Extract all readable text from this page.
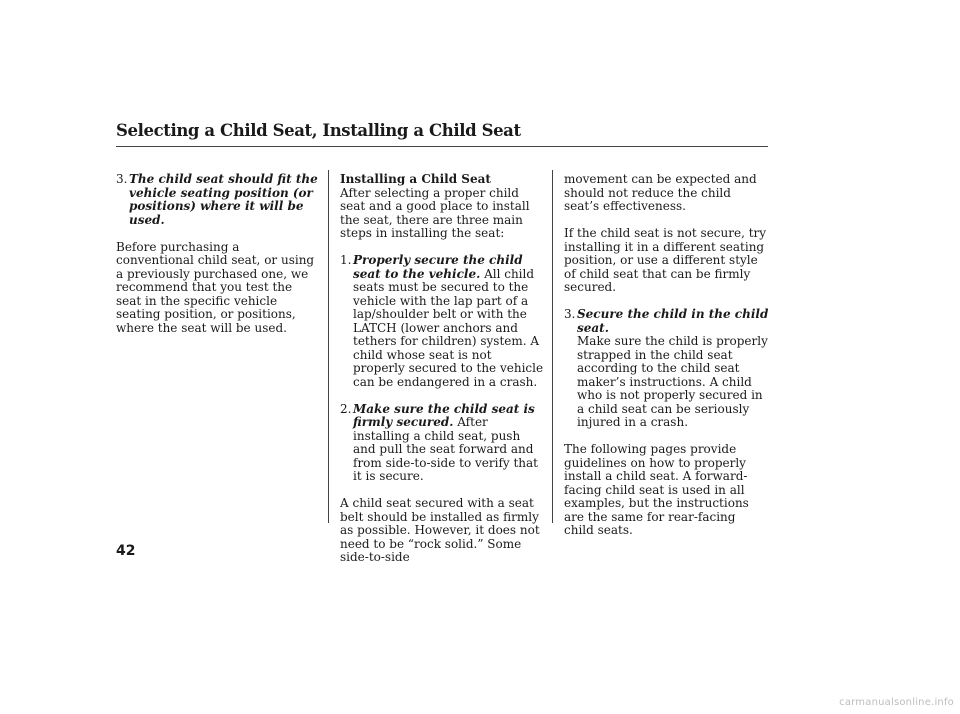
Selecting a Child Seat, Installing a Child Seat
3. The child seat should fit the vehicle seating position (or positions) where it will be used.

Before purchasing a conventional child seat, or using a previously purchased one, we recommend that you test the seat in the specific vehicle seating position, or positions, where the seat will be used.

Installing a Child Seat

After selecting a proper child seat and a good place to install the seat, there are three main steps in installing the seat:

1. Properly secure the child seat to the vehicle. All child seats must be secured to the vehicle with the lap part of a lap/shoulder belt or with the LATCH (lower anchors and tethers for children) system. A child whose seat is not properly secured to the vehicle can be endangered in a crash.
2. Make sure the child seat is firmly secured. After installing a child seat, push and pull the seat forward and from side-to-side to verify that it is secure.

A child seat secured with a seat belt should be installed as firmly as possible. However, it does not need to be “rock solid.” Some side-to-side

movement can be expected and should not reduce the child seat’s effectiveness.

If the child seat is not secure, try installing it in a different seating position, or use a different style of child seat that can be firmly secured.

3. Secure the child in the child seat.
Make sure the child is properly strapped in the child seat according to the child seat maker’s instructions. A child who is not properly secured in a child seat can be seriously injured in a crash.

The following pages provide guidelines on how to properly install a child seat. A forward-facing child seat is used in all examples, but the instructions are the same for rear-facing child seats.

42
carmanualsonline.info
